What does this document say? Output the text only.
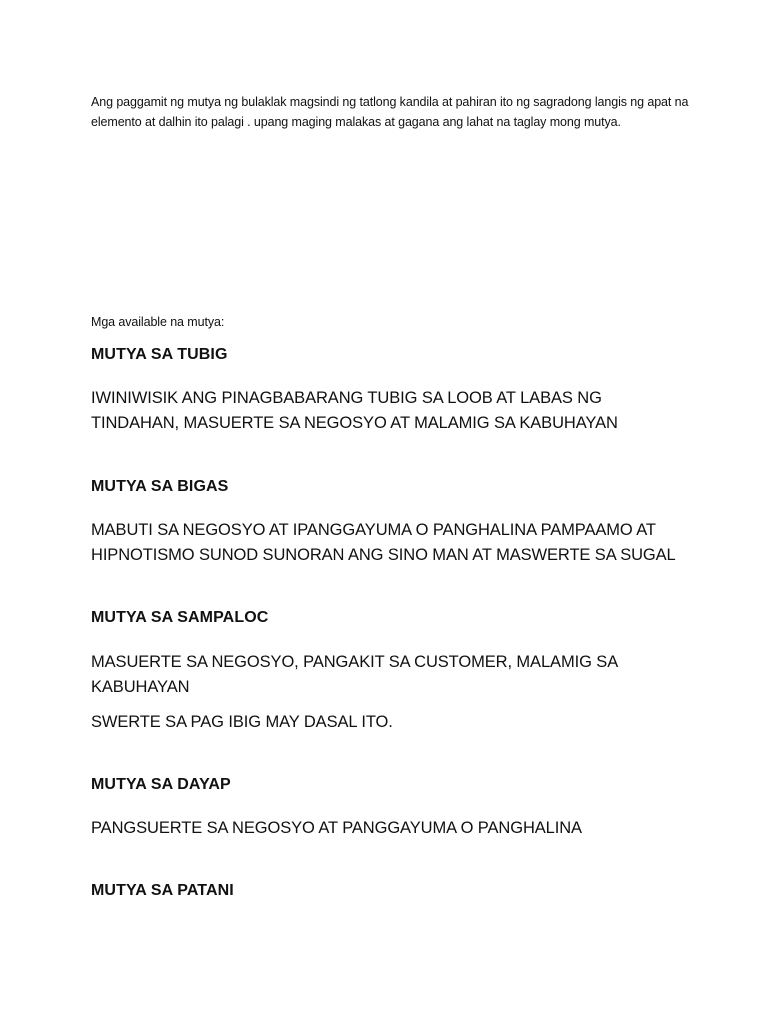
Ang paggamit ng mutya ng bulaklak magsindi ng tatlong kandila at pahiran ito ng sagradong langis ng apat na elemento at dalhin ito palagi . upang maging malakas at gagana ang lahat na taglay mong mutya.

Mga available na mutya:

MUTYA SA TUBIG

IWINIWISIK ANG PINAGBABARANG TUBIG SA LOOB AT LABAS NG TINDAHAN, MASUERTE SA NEGOSYO AT MALAMIG SA KABUHAYAN

MUTYA SA BIGAS

MABUTI SA NEGOSYO AT IPANGGAYUMA O PANGHALINA PAMPAAMO AT HIPNOTISMO SUNOD SUNORAN ANG SINO MAN AT MASWERTE SA SUGAL

MUTYA SA SAMPALOC

MASUERTE SA NEGOSYO, PANGAKIT SA CUSTOMER, MALAMIG SA KABUHAYAN

SWERTE SA PAG IBIG MAY DASAL ITO.

MUTYA SA DAYAP

PANGSUERTE SA NEGOSYO AT PANGGAYUMA O PANGHALINA

MUTYA SA PATANI
